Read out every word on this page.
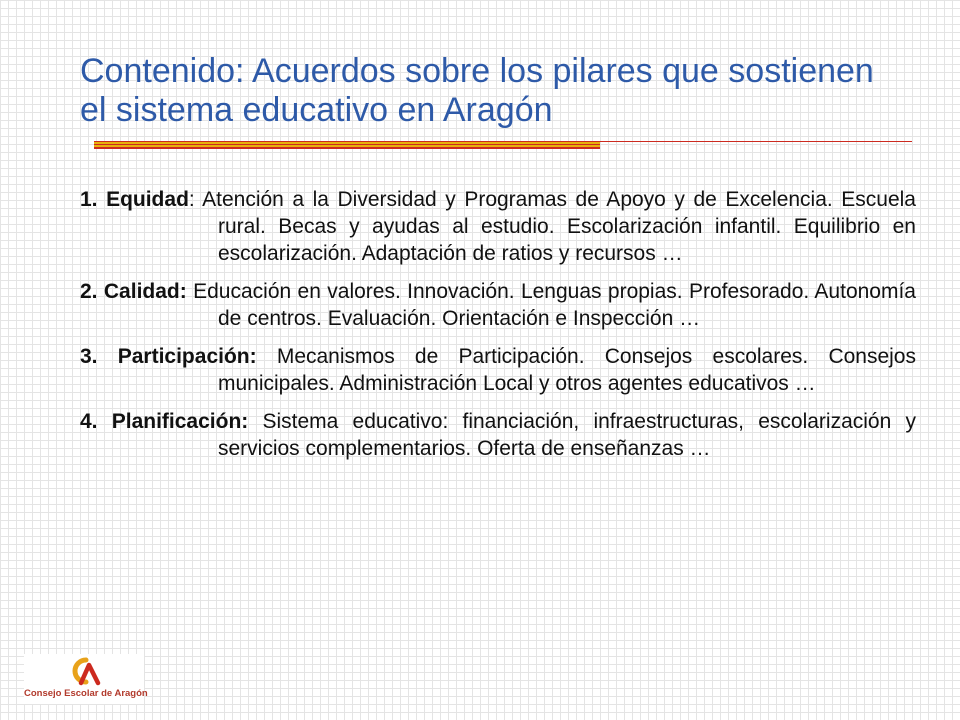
Contenido: Acuerdos sobre los pilares que sostienen el sistema educativo en Aragón
1. Equidad: Atención a la Diversidad y Programas de Apoyo y de Excelencia. Escuela rural. Becas y ayudas al estudio. Escolarización infantil. Equilibrio en escolarización. Adaptación de ratios y recursos …
2. Calidad: Educación en valores. Innovación. Lenguas propias. Profesorado. Autonomía de centros. Evaluación. Orientación e Inspección …
3. Participación: Mecanismos de Participación. Consejos escolares. Consejos municipales. Administración Local y otros agentes educativos …
4. Planificación: Sistema educativo: financiación, infraestructuras, escolarización y servicios complementarios. Oferta de enseñanzas …
Consejo Escolar de Aragón
